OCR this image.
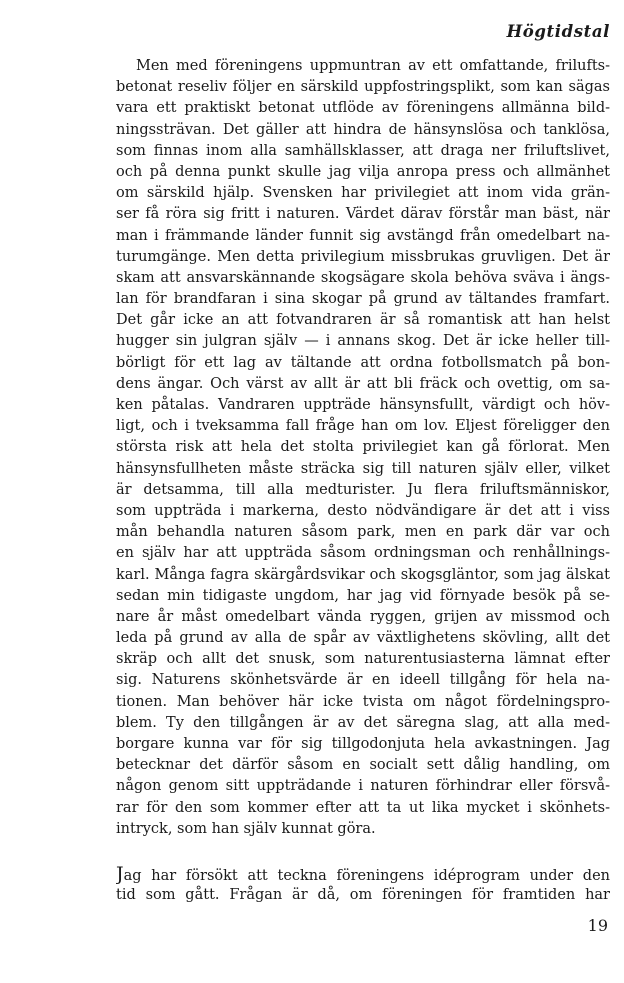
Högtidstal
Men med föreningens uppmuntran av ett omfattande, frilufts-
betonat reseliv följer en särskild uppfostringsplikt, som kan sägas
vara ett praktiskt betonat utflöde av föreningens allmänna bild-
ningssträvan. Det gäller att hindra de hänsynslösa och tanklösa,
som finnas inom alla samhällsklasser, att draga ner friluftslivet,
och på denna punkt skulle jag vilja anropa press och allmänhet
om särskild hjälp. Svensken har privilegiet att inom vida grän-
ser få röra sig fritt i naturen. Värdet därav förstår man bäst, när
man i främmande länder funnit sig avstängd från omedelbart na-
turumgänge. Men detta privilegium missbrukas gruvligen. Det är
skam att ansvarskännande skogsägare skola behöva sväva i ängs-
lan för brandfaran i sina skogar på grund av tältandes framfart.
Det går icke an att fotvandraren är så romantisk att han helst
hugger sin julgran själv — i annans skog. Det är icke heller till-
börligt för ett lag av tältande att ordna fotbollsmatch på bon-
dens ängar. Och värst av allt är att bli fräck och ovettig, om sa-
ken påtalas. Vandraren uppträde hänsynsfullt, värdigt och höv-
ligt, och i tveksamma fall fråge han om lov. Eljest föreligger den
största risk att hela det stolta privilegiet kan gå förlorat. Men
hänsynsfullheten måste sträcka sig till naturen själv eller, vilket
är detsamma, till alla medturister. Ju flera friluftsmänniskor,
som uppträda i markerna, desto nödvändigare är det att i viss
mån behandla naturen såsom park, men en park där var och
en själv har att uppträda såsom ordningsman och renhållnings-
karl. Många fagra skärgårdsvikar och skogsgläntor, som jag älskat
sedan min tidigaste ungdom, har jag vid förnyade besök på se-
nare år måst omedelbart vända ryggen, grijen av missmod och
leda på grund av alla de spår av växtlighetens skövling, allt det
skräp och allt det snusk, som naturentusiasterna lämnat efter
sig. Naturens skönhetsvärde är en ideell tillgång för hela na-
tionen. Man behöver här icke tvista om något fördelningspro-
blem. Ty den tillgången är av det säregna slag, att alla med-
borgare kunna var för sig tillgodonjuta hela avkastningen. Jag
betecknar det därför såsom en socialt sett dålig handling, om
någon genom sitt uppträdande i naturen förhindrar eller försvå-
rar för den som kommer efter att ta ut lika mycket i skönhets-
intryck, som han själv kunnat göra.
Jag har försökt att teckna föreningens idéprogram under den
tid som gått. Frågan är då, om föreningen för framtiden har
19
